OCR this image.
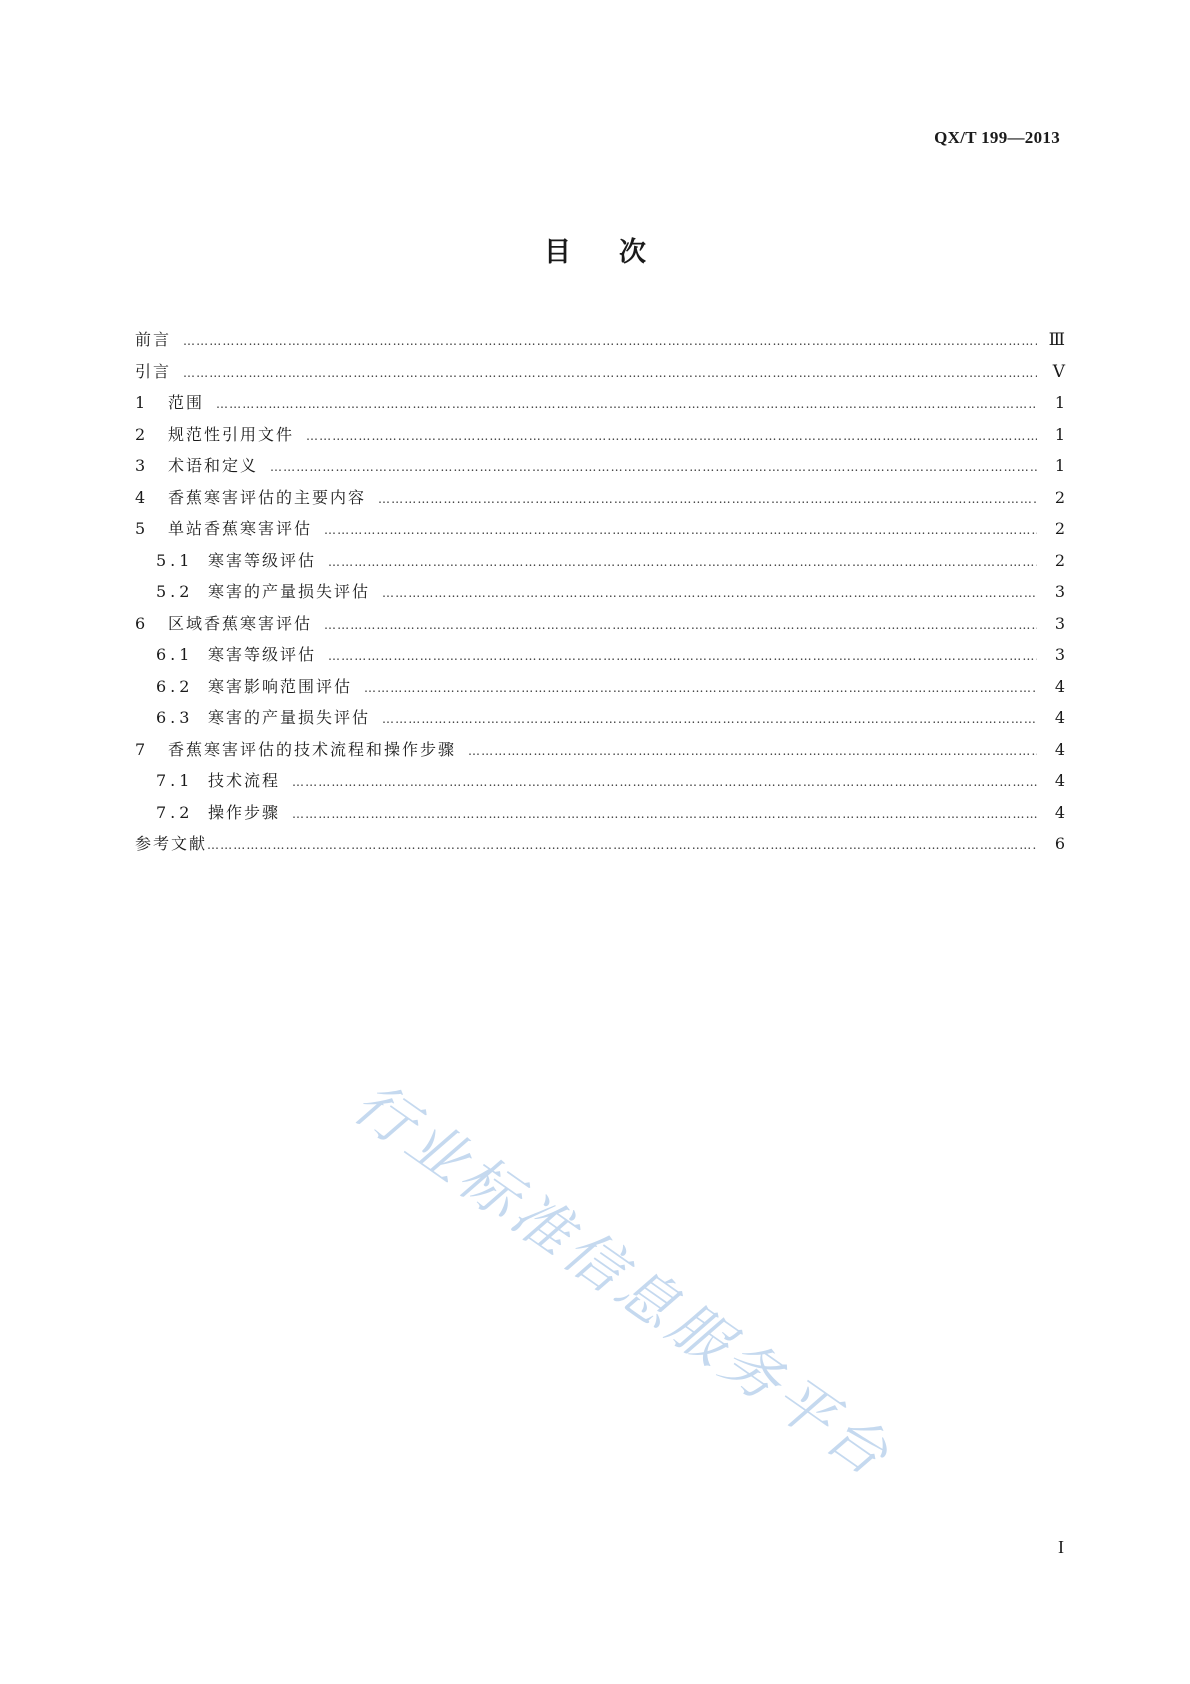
QX/T 199—2013
目次
前言 ……………………………………………………………………………………………………………………………………………………………………………………………………………………………………………………………………	Ⅲ
引言 ……………………………………………………………………………………………………………………………………………………………………………………………………………………………………………………………………	Ⅴ
1	范围 ……………………………………………………………………………………………………………………………………………………………………………………………………………………………………………………………………	1
2	规范性引用文件 ……………………………………………………………………………………………………………………………………………………………………………………………………………………………………………………………………	1
3	术语和定义 ……………………………………………………………………………………………………………………………………………………………………………………………………………………………………………………………………	1
4	香蕉寒害评估的主要内容 ……………………………………………………………………………………………………………………………………………………………………………………………………………………………………………………………………	2
5	单站香蕉寒害评估 ……………………………………………………………………………………………………………………………………………………………………………………………………………………………………………………………………	2
5.1 寒害等级评估 ……………………………………………………………………………………………………………………………………………………………………………………………………………………………………………………………………	2
5.2 寒害的产量损失评估 ……………………………………………………………………………………………………………………………………………………………………………………………………………………………………………………………………	3
6	区域香蕉寒害评估 ……………………………………………………………………………………………………………………………………………………………………………………………………………………………………………………………………	3
6.1 寒害等级评估 ……………………………………………………………………………………………………………………………………………………………………………………………………………………………………………………………………	3
6.2 寒害影响范围评估 ……………………………………………………………………………………………………………………………………………………………………………………………………………………………………………………………………	4
6.3 寒害的产量损失评估 ……………………………………………………………………………………………………………………………………………………………………………………………………………………………………………………………………	4
7	香蕉寒害评估的技术流程和操作步骤 ……………………………………………………………………………………………………………………………………………………………………………………………………………………………………………………………………	4
7.1 技术流程 ……………………………………………………………………………………………………………………………………………………………………………………………………………………………………………………………………	4
7.2 操作步骤 ……………………………………………………………………………………………………………………………………………………………………………………………………………………………………………………………………	4
参考文献 ……………………………………………………………………………………………………………………………………………………………………………………………………………………………………………………………………	6
行业标准信息服务平台
I
